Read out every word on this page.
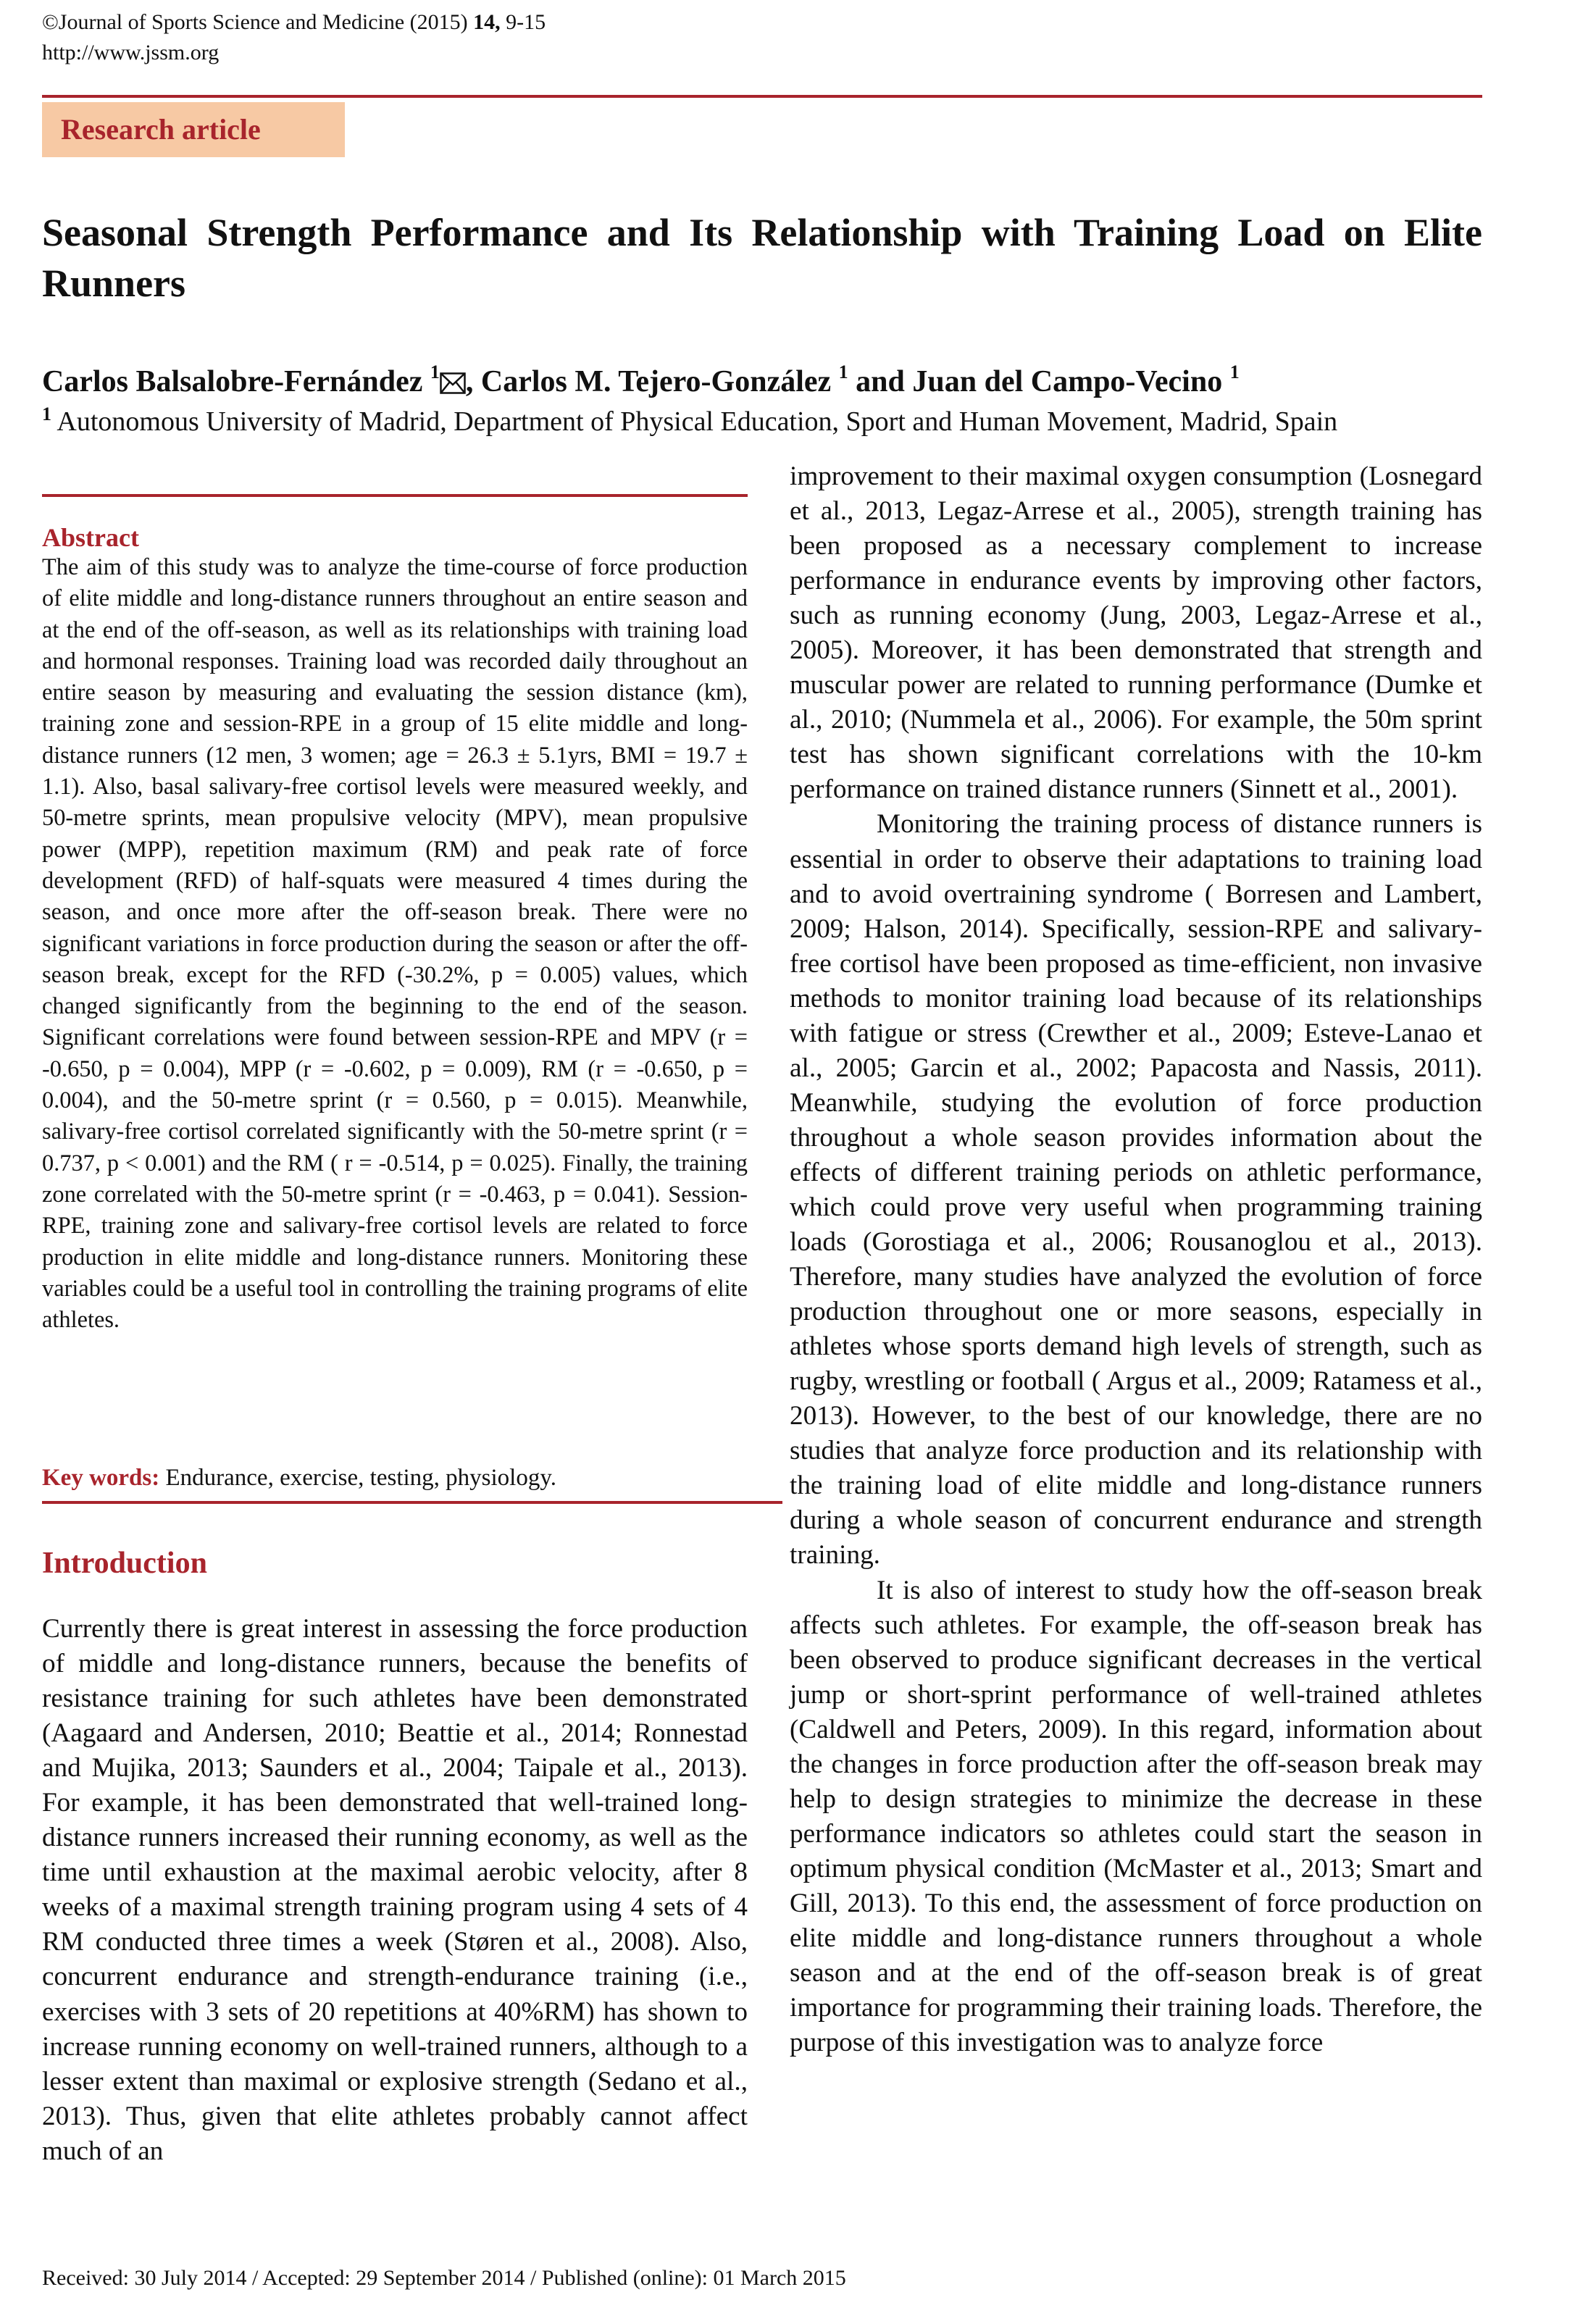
©Journal of Sports Science and Medicine (2015) 14, 9-15
http://www.jssm.org
Research article
Seasonal Strength Performance and Its Relationship with Training Load on Elite Runners
Carlos Balsalobre-Fernández $^1$ , Carlos M. Tejero-González $^1$ and Juan del Campo-Vecino $^1$
$^1$ Autonomous University of Madrid, Department of Physical Education, Sport and Human Movement, Madrid, Spain
Abstract
The aim of this study was to analyze the time-course of force production of elite middle and long-distance runners throughout an entire season and at the end of the off-season, as well as its relationships with training load and hormonal responses. Training load was recorded daily throughout an entire season by measuring and evaluating the session distance (km), training zone and session-RPE in a group of 15 elite middle and long-distance runners (12 men, 3 women; age = 26.3 ± 5.1yrs, BMI = 19.7 ± 1.1). Also, basal salivary-free cortisol levels were measured weekly, and 50-metre sprints, mean propulsive velocity (MPV), mean propulsive power (MPP), repetition maximum (RM) and peak rate of force development (RFD) of half-squats were measured 4 times during the season, and once more after the off-season break. There were no significant variations in force production during the season or after the off-season break, except for the RFD (-30.2%, p = 0.005) values, which changed significantly from the beginning to the end of the season. Significant correlations were found between session-RPE and MPV (r = -0.650, p = 0.004), MPP (r = -0.602, p = 0.009), RM (r = -0.650, p = 0.004), and the 50-metre sprint (r = 0.560, p = 0.015). Meanwhile, salivary-free cortisol correlated significantly with the 50-metre sprint (r = 0.737, p < 0.001) and the RM ( r = -0.514, p = 0.025). Finally, the training zone correlated with the 50-metre sprint (r = -0.463, p = 0.041). Session-RPE, training zone and salivary-free cortisol levels are related to force production in elite middle and long-distance runners. Monitoring these variables could be a useful tool in controlling the training programs of elite athletes.
Key words: Endurance, exercise, testing, physiology.
Introduction
Currently there is great interest in assessing the force production of middle and long-distance runners, because the benefits of resistance training for such athletes have been demonstrated (Aagaard and Andersen, 2010; Beattie et al., 2014; Ronnestad and Mujika, 2013; Saunders et al., 2004; Taipale et al., 2013). For example, it has been demonstrated that well-trained long-distance runners increased their running economy, as well as the time until exhaustion at the maximal aerobic velocity, after 8 weeks of a maximal strength training program using 4 sets of 4 RM conducted three times a week (Støren et al., 2008). Also, concurrent endurance and strength-endurance training (i.e., exercises with 3 sets of 20 repetitions at 40%RM) has shown to increase running economy on well-trained runners, although to a lesser extent than maximal or explosive strength (Sedano et al., 2013). Thus, given that elite athletes probably cannot affect much of an

improvement to their maximal oxygen consumption (Losnegard et al., 2013, Legaz-Arrese et al., 2005), strength training has been proposed as a necessary complement to increase performance in endurance events by improving other factors, such as running economy (Jung, 2003, Legaz-Arrese et al., 2005). Moreover, it has been demonstrated that strength and muscular power are related to running performance (Dumke et al., 2010; (Nummela et al., 2006). For example, the 50m sprint test has shown significant correlations with the 10-km performance on trained distance runners (Sinnett et al., 2001).

Monitoring the training process of distance runners is essential in order to observe their adaptations to training load and to avoid overtraining syndrome ( Borresen and Lambert, 2009; Halson, 2014). Specifically, session-RPE and salivary-free cortisol have been proposed as time-efficient, non invasive methods to monitor training load because of its relationships with fatigue or stress (Crewther et al., 2009; Esteve-Lanao et al., 2005; Garcin et al., 2002; Papacosta and Nassis, 2011). Meanwhile, studying the evolution of force production throughout a whole season provides information about the effects of different training periods on athletic performance, which could prove very useful when programming training loads (Gorostiaga et al., 2006; Rousanoglou et al., 2013). Therefore, many studies have analyzed the evolution of force production throughout one or more seasons, especially in athletes whose sports demand high levels of strength, such as rugby, wrestling or football ( Argus et al., 2009; Ratamess et al., 2013). However, to the best of our knowledge, there are no studies that analyze force production and its relationship with the training load of elite middle and long-distance runners during a whole season of concurrent endurance and strength training.

It is also of interest to study how the off-season break affects such athletes. For example, the off-season break has been observed to produce significant decreases in the vertical jump or short-sprint performance of well-trained athletes (Caldwell and Peters, 2009). In this regard, information about the changes in force production after the off-season break may help to design strategies to minimize the decrease in these performance indicators so athletes could start the season in optimum physical condition (McMaster et al., 2013; Smart and Gill, 2013). To this end, the assessment of force production on elite middle and long-distance runners throughout a whole season and at the end of the off-season break is of great importance for programming their training loads. Therefore, the purpose of this investigation was to analyze force

Received: 30 July 2014 / Accepted: 29 September 2014 / Published (online): 01 March 2015
